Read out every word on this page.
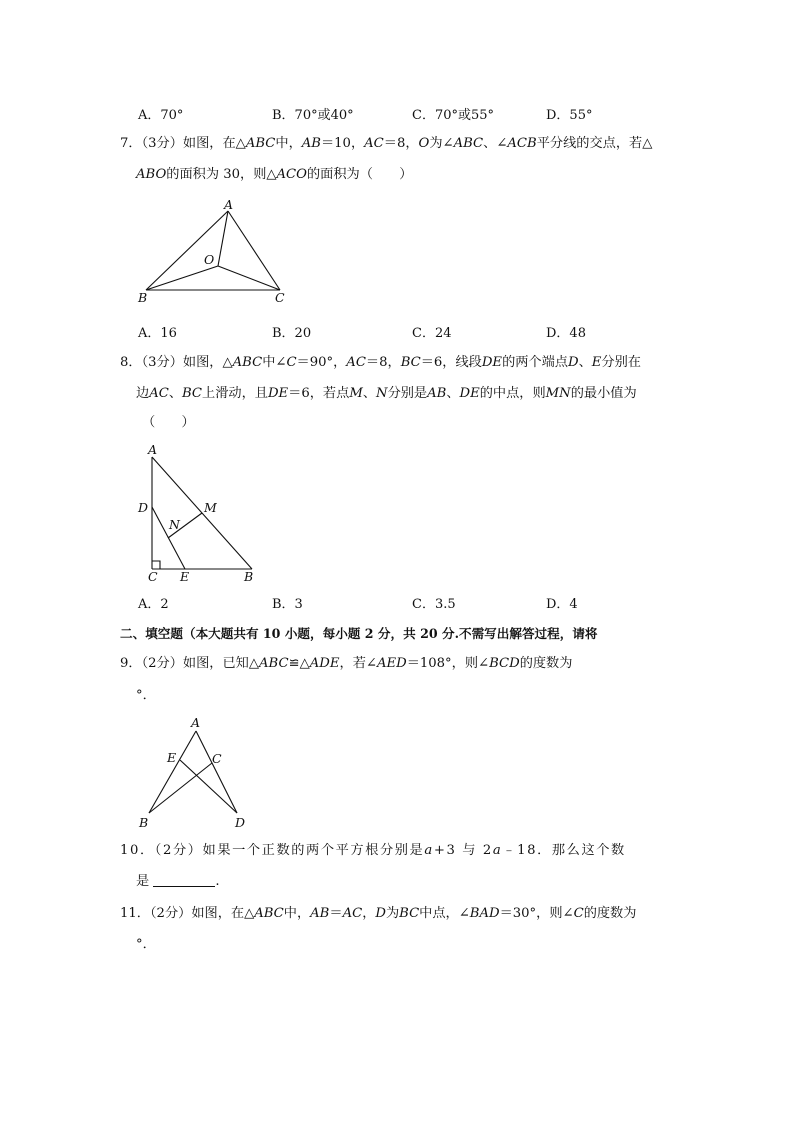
A．70°	B．70°或40°	C．70°或55°	D．55°
7．（3分）如图，在△ABC中，AB＝10，AC＝8，O为∠ABC、∠ACB平分线的交点，若△
ABO的面积为 30，则△ACO的面积为（　　）
A
O
B	C
A．16	B．20	C．24	D．48
8．（3分）如图，△ABC中∠C＝90°，AC＝8，BC＝6，线段DE的两个端点D、E分别在
边AC、BC上滑动，且DE＝6，若点M、N分别是AB、DE的中点，则MN的最小值为
（　　）
A
D	M
N
C E	B
A．2	B．3	C．3.5	D．4
二、填空题（本大题共有 10 小题，每小题 2 分，共 20 分.不需写出解答过程，请将
9．（2分）如图，已知△ABC≌△ADE，若∠AED＝108°，则∠BCD的度数为
°．
A
E	C
B	D
10．（2分）如果一个正数的两个平方根分别是a+3 与 2a﹣18．那么这个数
是	.
11．（2分）如图，在△ABC中，AB＝AC，D为BC中点，∠BAD＝30°，则∠C的度数为
°．
